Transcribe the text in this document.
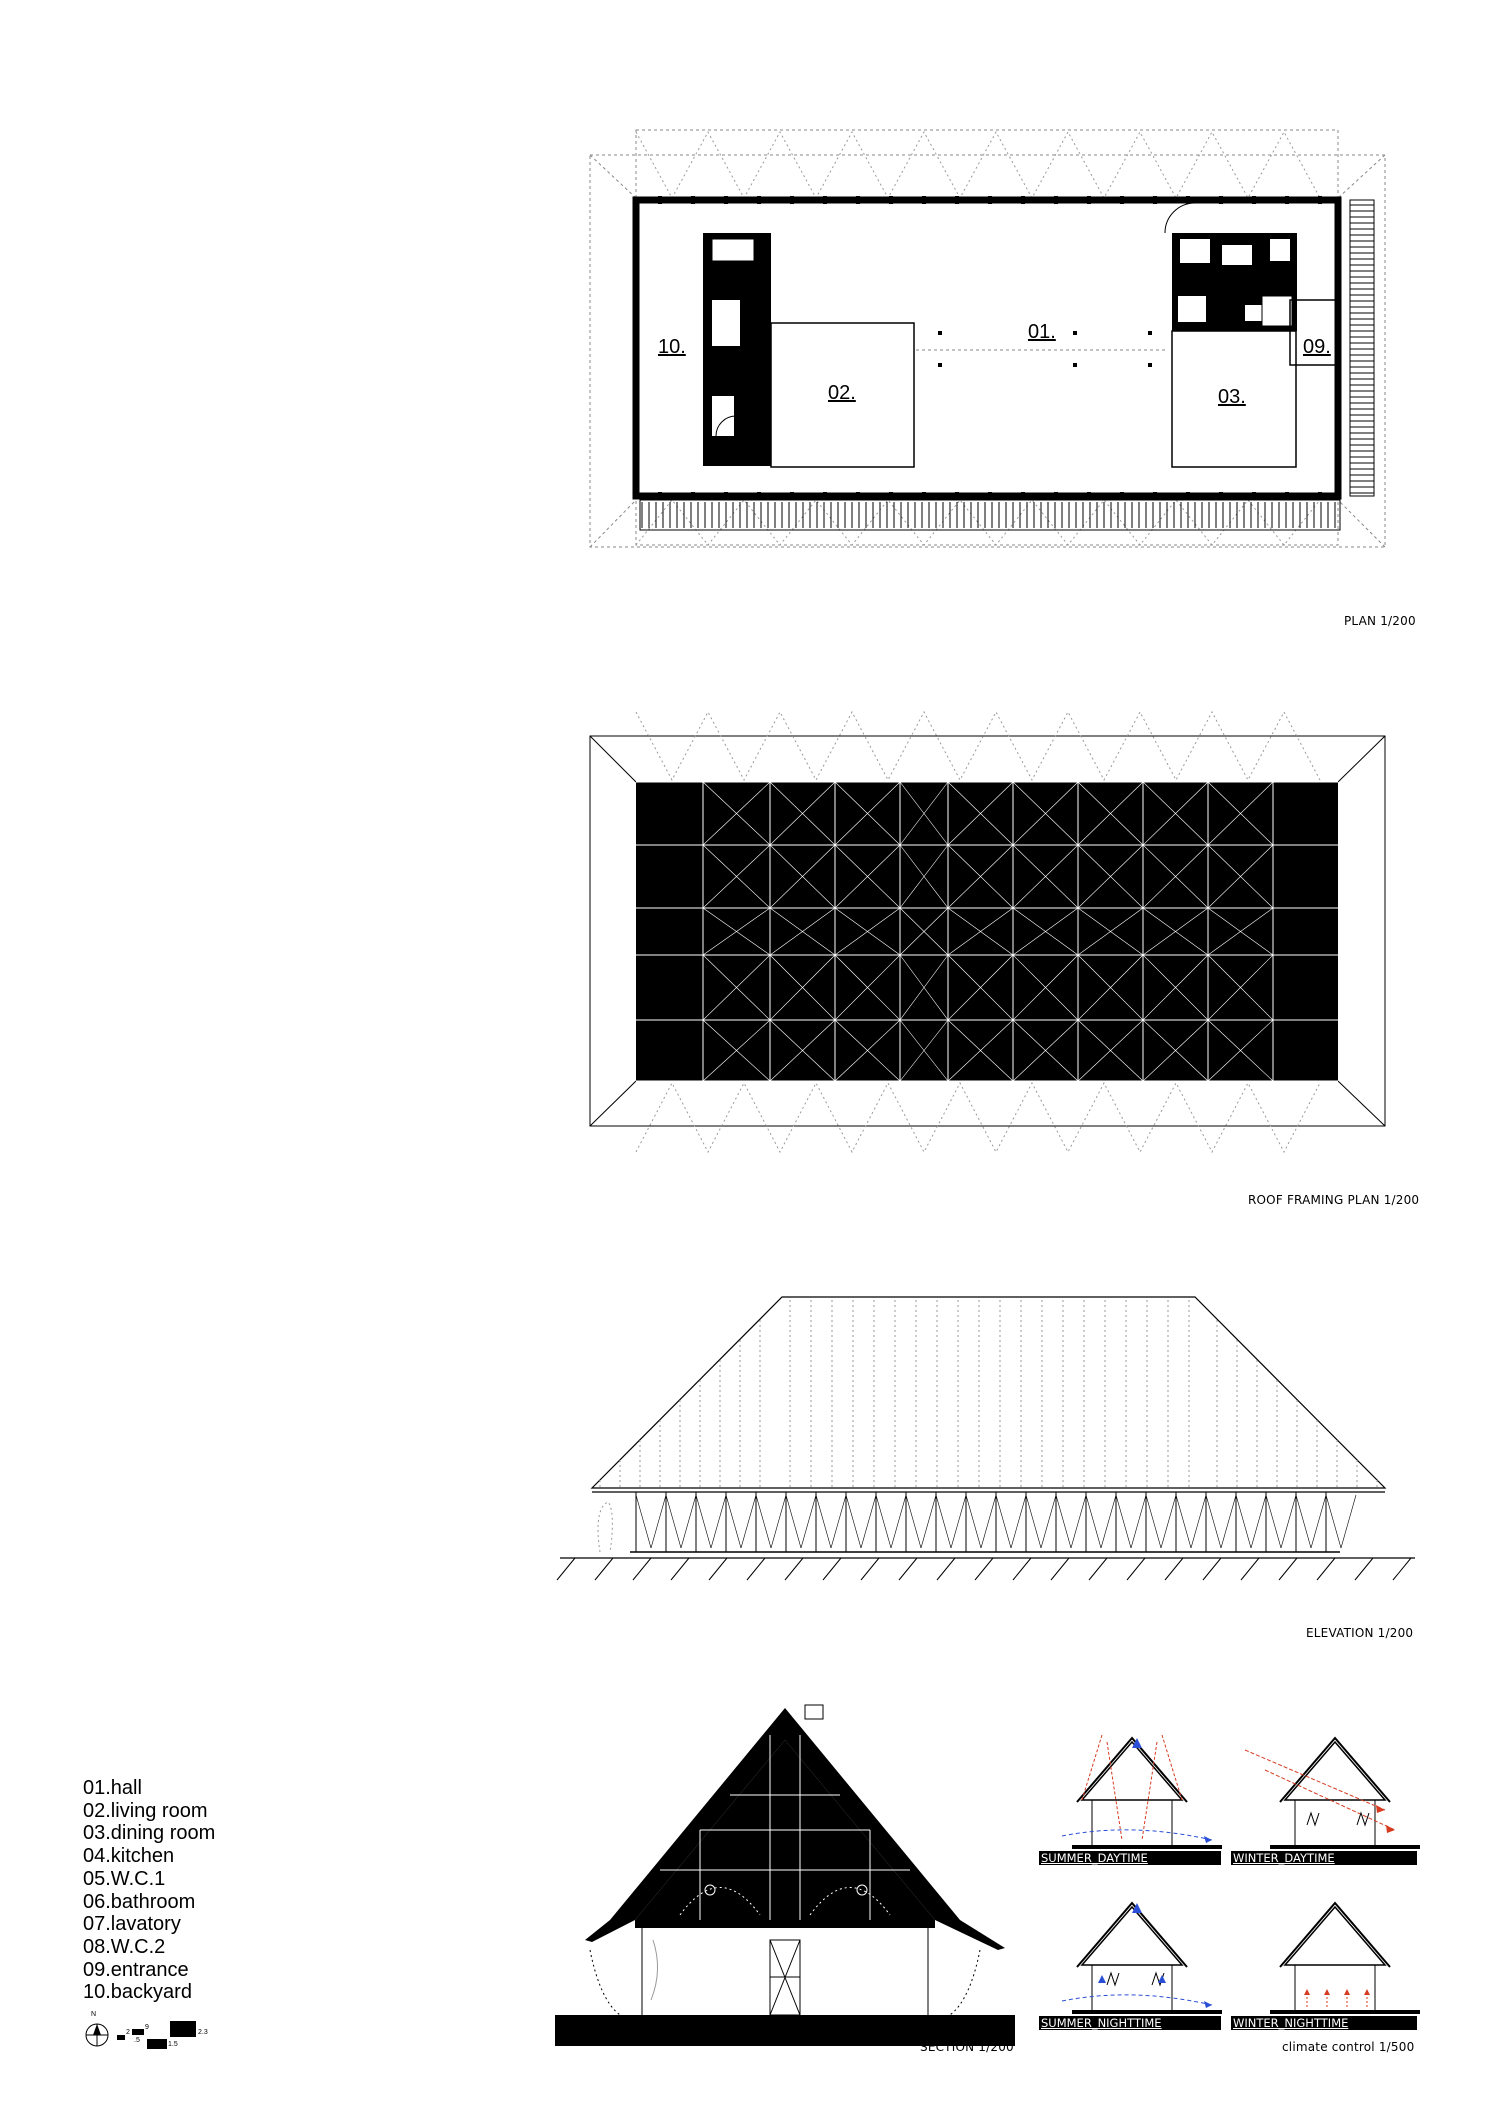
01.
02.	03.
09.
10.
PLAN 1/200
ROOF FRAMING PLAN 1/200
ELEVATION 1/200
SUMMER_DAYTIME	WINTER_DAYTIME
SUMMER_NIGHTTIME	WINTER_NIGHTTIME
climate control 1/500
SECTION 1/200
01.hall
02.living room
03.dining room
04.kitchen
05.W.C.1
06.bathroom
07.lavatory
08.W.C.2
09.entrance
10.backyard
N
2
9
2.3
.5
1.5
